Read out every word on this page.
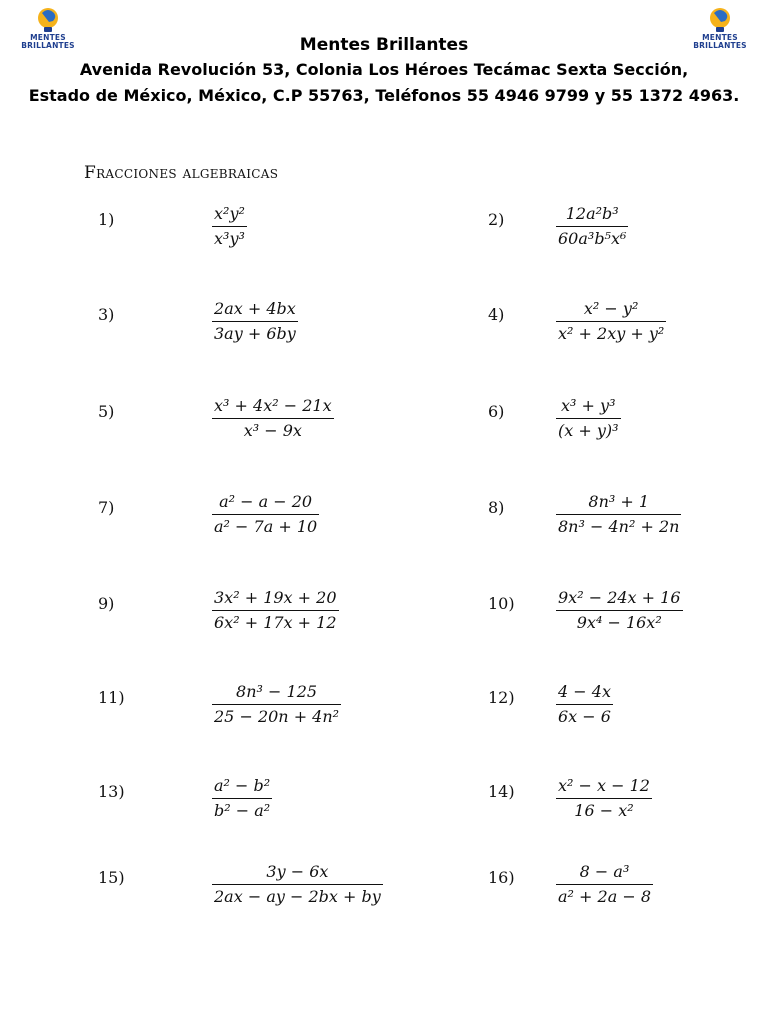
MENTES
BRILLANTES
MENTES
BRILLANTES
Mentes Brillantes
Avenida Revolución 53, Colonia Los Héroes Tecámac Sexta Sección,
Estado de México, México, C.P 55763, Teléfonos 55 4946 9799 y 55 1372 4963.
Fracciones algebraicas
1)	x²y²
x³y³
2)	12a²b³
60a³b⁵x⁶
3)	2ax + 4bx
3ay + 6by
4)	x² − y²
x² + 2xy + y²
5)	x³ + 4x² − 21x
x³ − 9x
6)	x³ + y³
(x + y)³
7)	a² − a − 20
a² − 7a + 10
8)	8n³ + 1
8n³ − 4n² + 2n
9)	3x² + 19x + 20
6x² + 17x + 12
10)	9x² − 24x + 16
9x⁴ − 16x²
11)	8n³ − 125
25 − 20n + 4n²
12)	4 − 4x
6x − 6
13)	a² − b²
b² − a²
14)	x² − x − 12
16 − x²
15)	3y − 6x
2ax − ay − 2bx + by
16)	8 − a³
a² + 2a − 8
